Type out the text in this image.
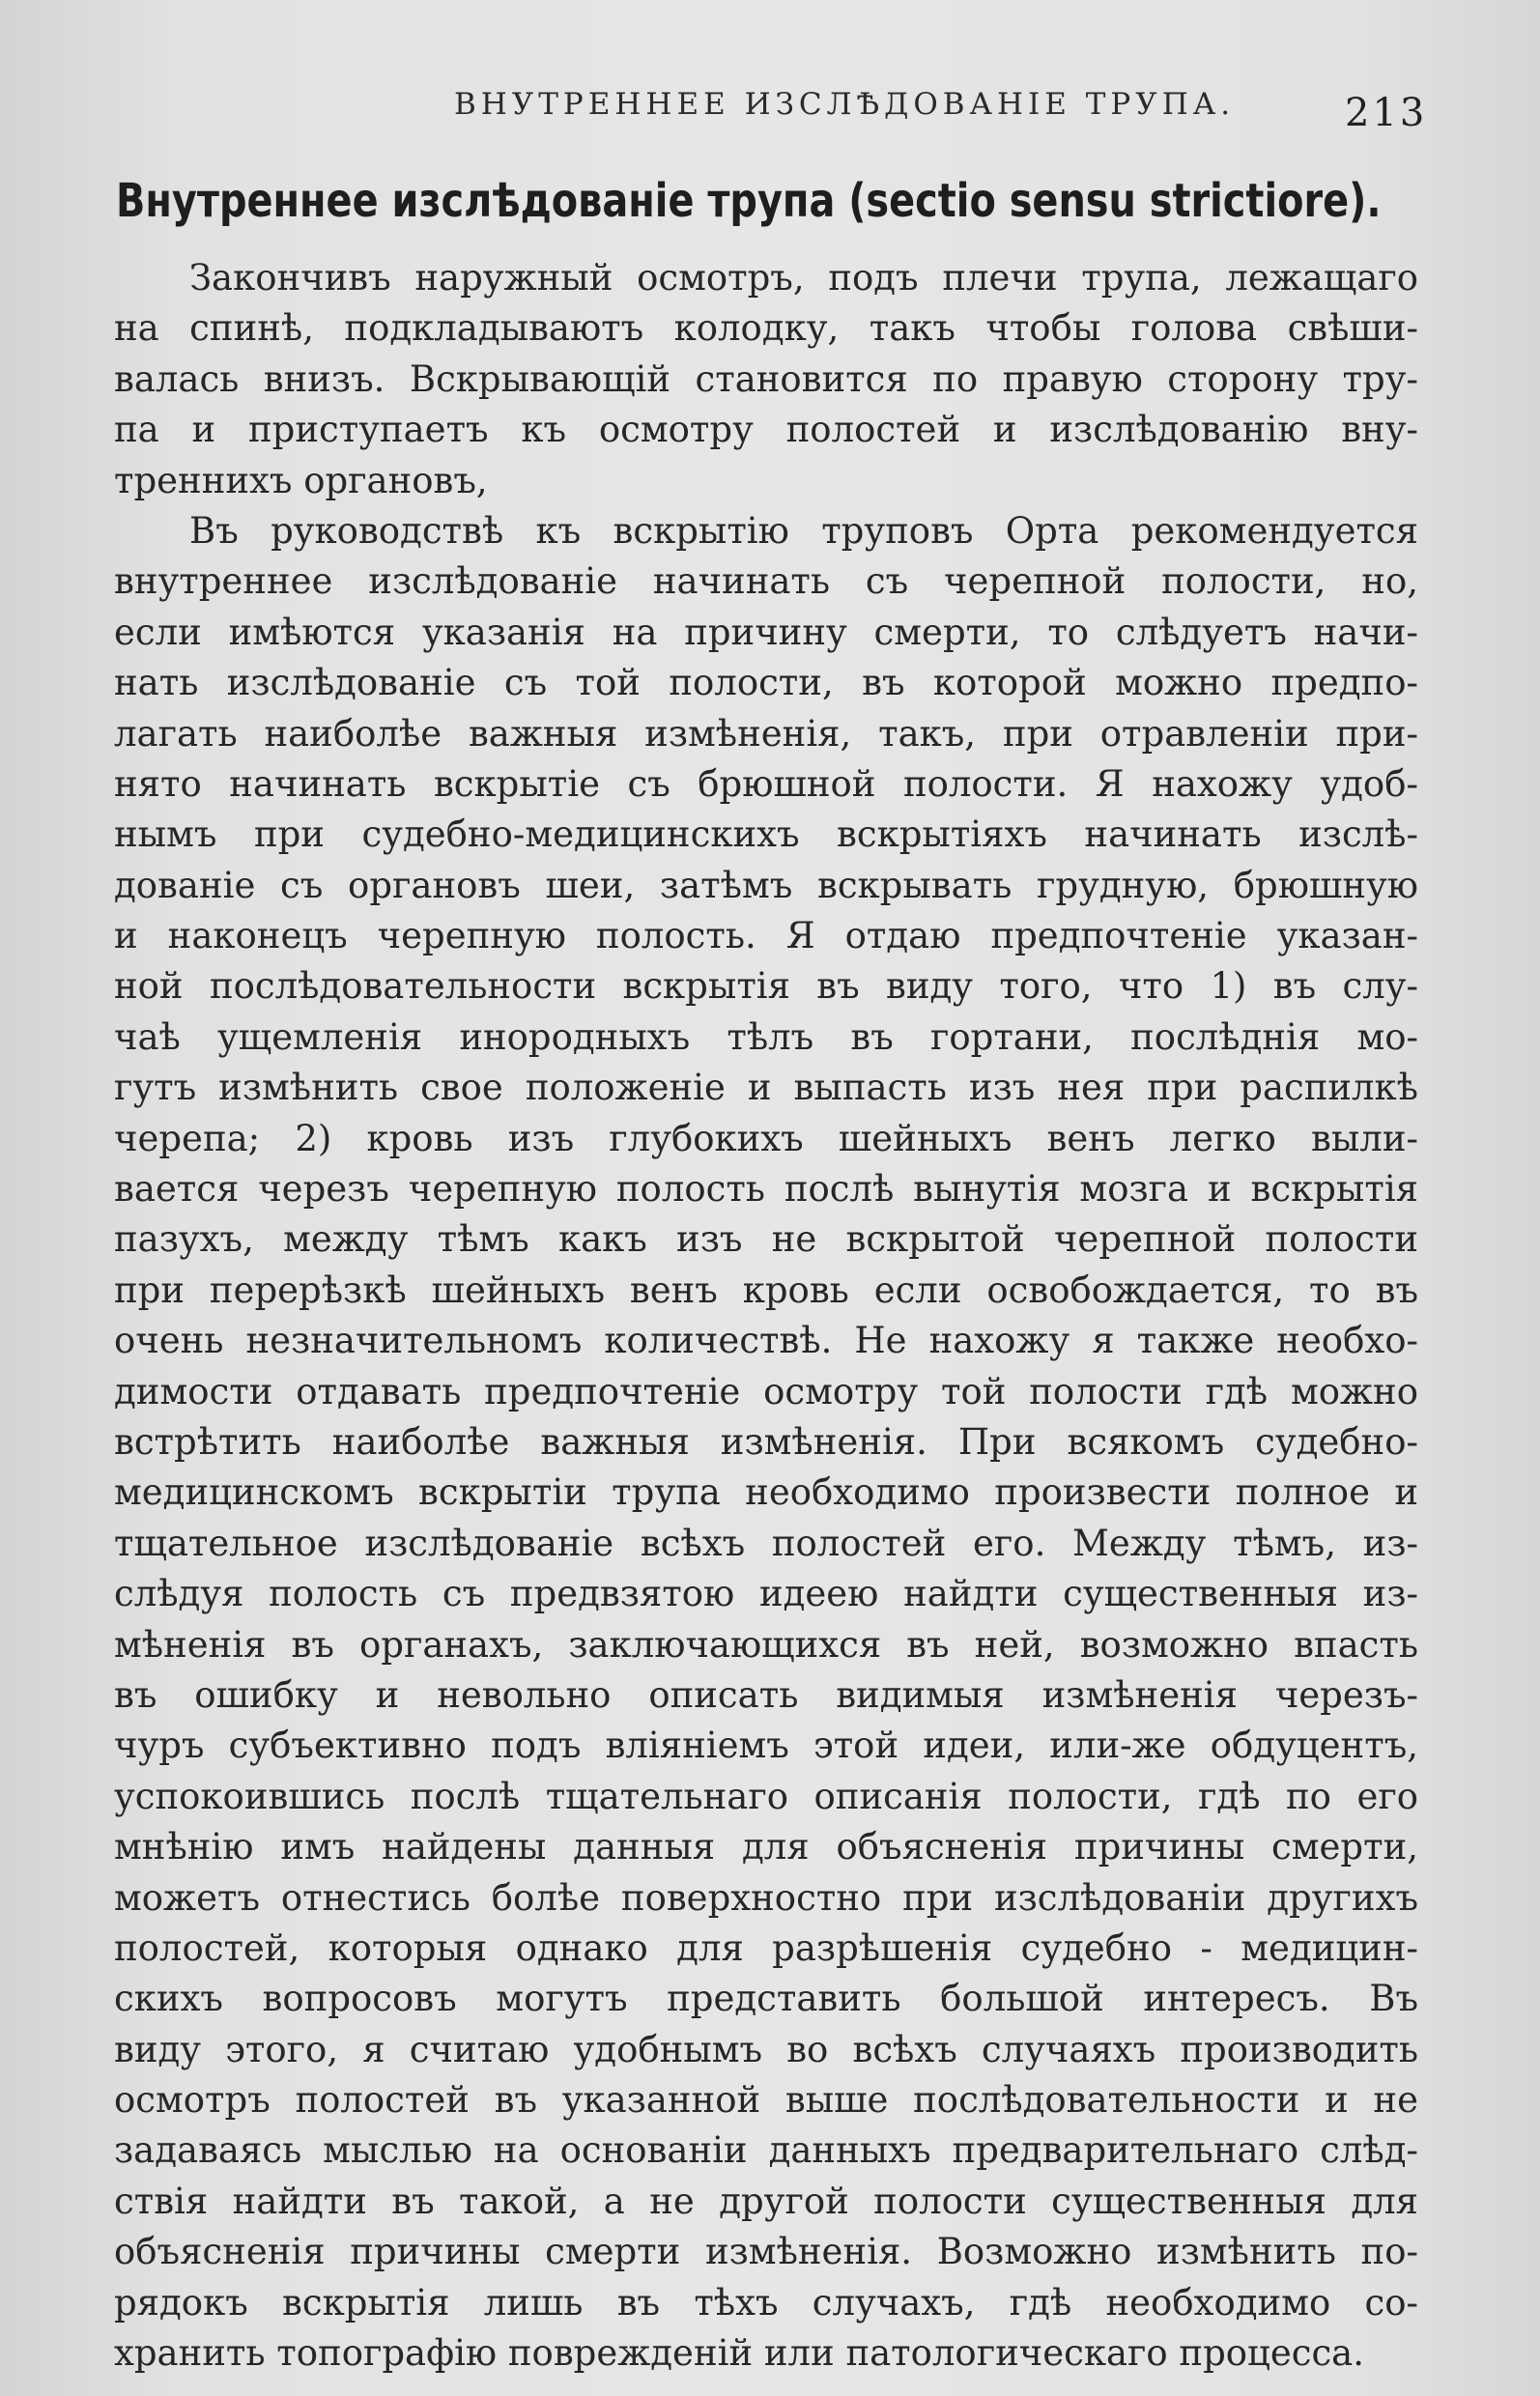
ВНУТРЕННЕЕ ИЗСЛѢДОВАНІЕ ТРУПА.	213
Внутреннее изслѣдованіе трупа (sectio sensu strictiore).
Закончивъ наружный осмотръ, подъ плечи трупа, лежащаго
на спинѣ, подкладываютъ колодку, такъ чтобы голова свѣши-
валась внизъ. Вскрывающій становится по правую сторону тру-
па и приступаетъ къ осмотру полостей и изслѣдованію вну-
треннихъ органовъ,
Въ руководствѣ къ вскрытію труповъ Орта рекомендуется
внутреннее изслѣдованіе начинать съ черепной полости, но,
если имѣются указанія на причину смерти, то слѣдуетъ начи-
нать изслѣдованіе съ той полости, въ которой можно предпо-
лагать наиболѣе важныя измѣненія, такъ, при отравленіи при-
нято начинать вскрытіе съ брюшной полости. Я нахожу удоб-
нымъ при судебно-медицинскихъ вскрытіяхъ начинать изслѣ-
дованіе съ органовъ шеи, затѣмъ вскрывать грудную, брюшную
и наконецъ черепную полость. Я отдаю предпочтеніе указан-
ной послѣдовательности вскрытія въ виду того, что 1) въ слу-
чаѣ ущемленія инородныхъ тѣлъ въ гортани, послѣднія мо-
гутъ измѣнить свое положеніе и выпасть изъ нея при распилкѣ
черепа; 2) кровь изъ глубокихъ шейныхъ венъ легко выли-
вается черезъ черепную полость послѣ вынутія мозга и вскрытія
пазухъ, между тѣмъ какъ изъ не вскрытой черепной полости
при перерѣзкѣ шейныхъ венъ кровь если освобождается, то въ
очень незначительномъ количествѣ. Не нахожу я также необхо-
димости отдавать предпочтеніе осмотру той полости гдѣ можно
встрѣтить наиболѣе важныя измѣненія. При всякомъ судебно-
медицинскомъ вскрытіи трупа необходимо произвести полное и
тщательное изслѣдованіе всѣхъ полостей его. Между тѣмъ, из-
слѣдуя полость съ предвзятою идеею найдти существенныя из-
мѣненія въ органахъ, заключающихся въ ней, возможно впасть
въ ошибку и невольно описать видимыя измѣненія черезъ-
чуръ субъективно подъ вліяніемъ этой идеи, или-же обдуцентъ,
успокоившись послѣ тщательнаго описанія полости, гдѣ по его
мнѣнію имъ найдены данныя для объясненія причины смерти,
можетъ отнестись болѣе поверхностно при изслѣдованіи другихъ
полостей, которыя однако для разрѣшенія судебно - медицин-
скихъ вопросовъ могутъ представить большой интересъ. Въ
виду этого, я считаю удобнымъ во всѣхъ случаяхъ производить
осмотръ полостей въ указанной выше послѣдовательности и не
задаваясь мыслью на основаніи данныхъ предварительнаго слѣд-
ствія найдти въ такой, а не другой полости существенныя для
объясненія причины смерти измѣненія. Возможно измѣнить по-
рядокъ вскрытія лишь въ тѣхъ случахъ, гдѣ необходимо со-
хранить топографію поврежденій или патологическаго процесса.
